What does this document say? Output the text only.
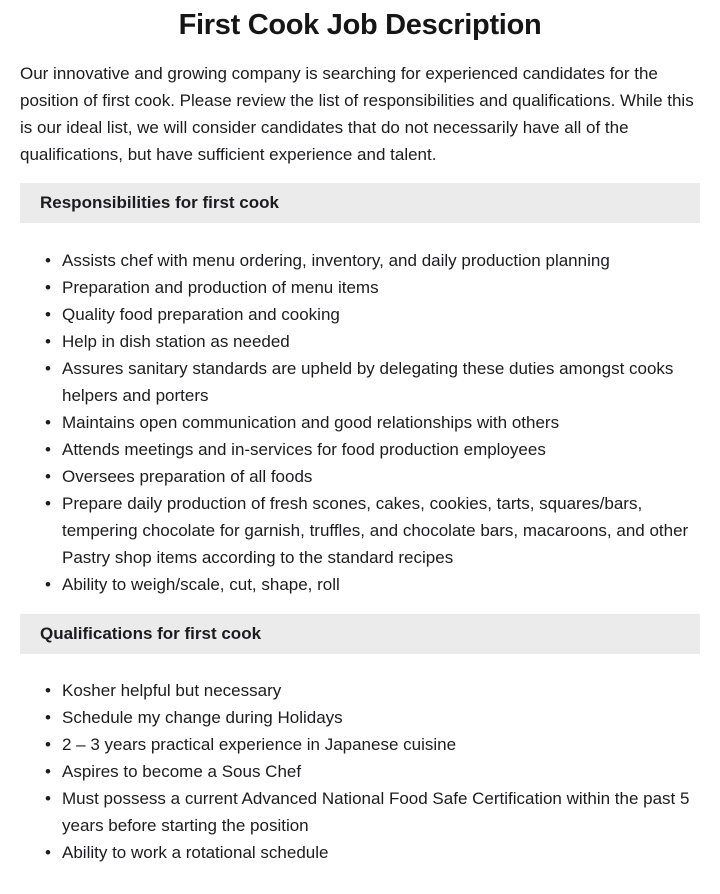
First Cook Job Description

Our innovative and growing company is searching for experienced candidates for the position of first cook. Please review the list of responsibilities and qualifications. While this is our ideal list, we will consider candidates that do not necessarily have all of the qualifications, but have sufficient experience and talent.

Responsibilities for first cook
• Assists chef with menu ordering, inventory, and daily production planning
• Preparation and production of menu items
• Quality food preparation and cooking
• Help in dish station as needed
• Assures sanitary standards are upheld by delegating these duties amongst cooks helpers and porters
• Maintains open communication and good relationships with others
• Attends meetings and in-services for food production employees
• Oversees preparation of all foods
• Prepare daily production of fresh scones, cakes, cookies, tarts, squares/bars, tempering chocolate for garnish, truffles, and chocolate bars, macaroons, and other Pastry shop items according to the standard recipes
• Ability to weigh/scale, cut, shape, roll
Qualifications for first cook
• Kosher helpful but necessary
• Schedule my change during Holidays
• 2 – 3 years practical experience in Japanese cuisine
• Aspires to become a Sous Chef
• Must possess a current Advanced National Food Safe Certification within the past 5 years before starting the position
• Ability to work a rotational schedule
